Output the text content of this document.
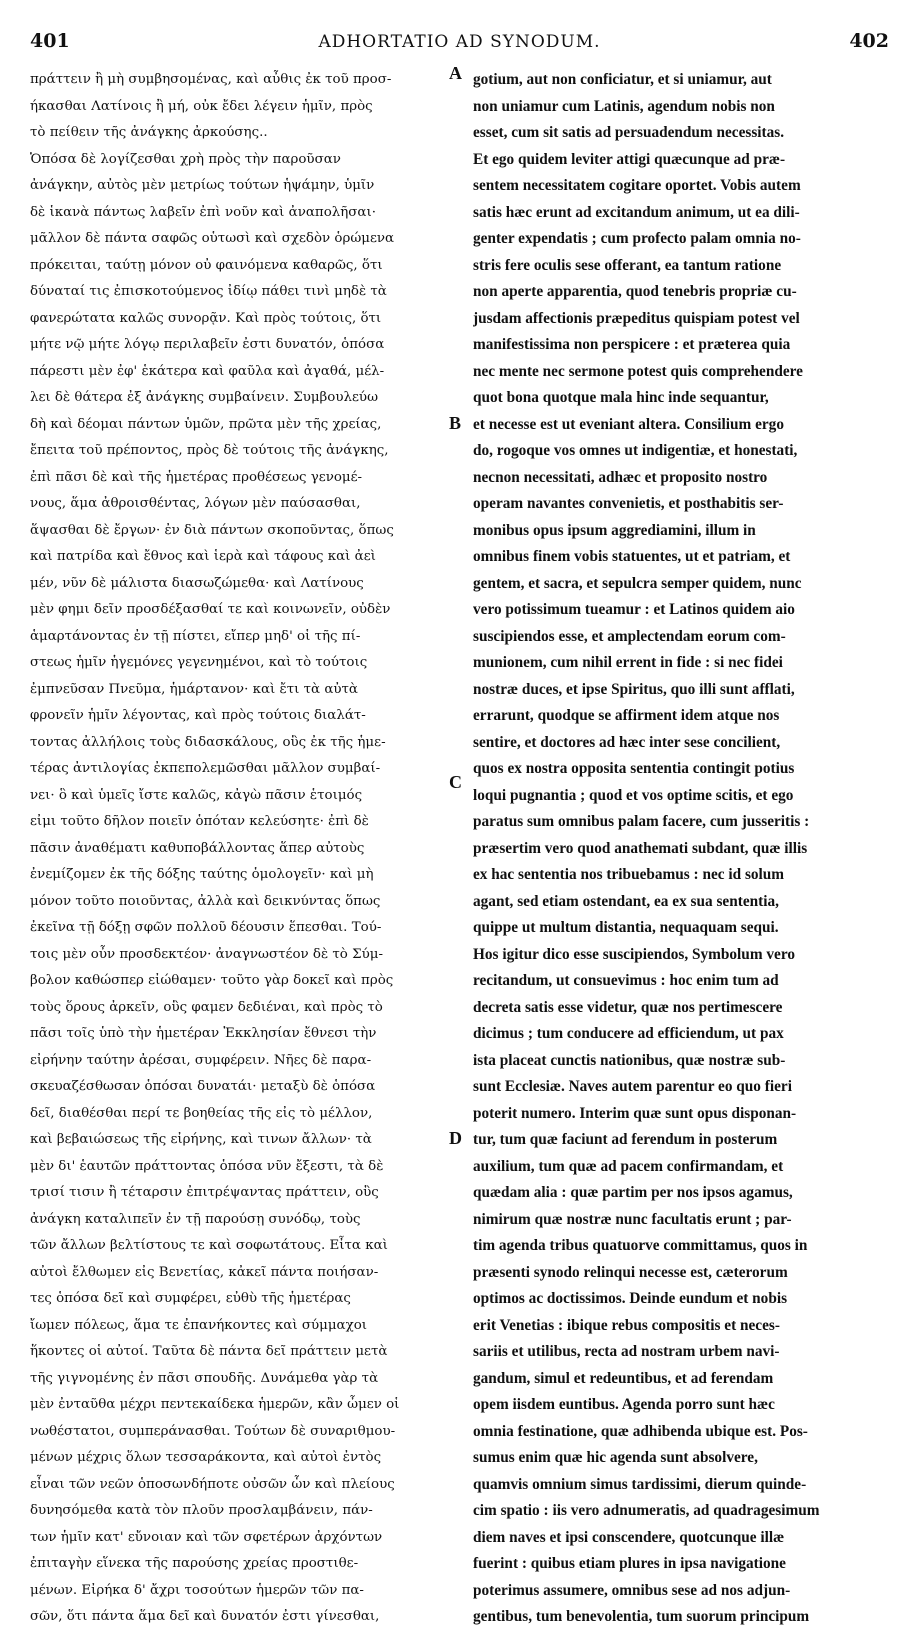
401	ADHORTATIO AD SYNODUM.	402
πράττειν ἢ μὴ συμβησομένας, καὶ αὖθις ἐκ τοῦ προσ-
ήκασθαι Λατίνοις ἢ μή, οὐκ ἔδει λέγειν ἡμῖν, πρὸς
τὸ πείθειν τῆς ἀνάγκης ἀρκούσης..
Ὁπόσα δὲ λογίζεσθαι χρὴ πρὸς τὴν παροῦσαν
ἀνάγκην, αὐτὸς μὲν μετρίως τούτων ἡψάμην, ὑμῖν
δὲ ἱκανὰ πάντως λαβεῖν ἐπὶ νοῦν καὶ ἀναπολῆσαι·
μᾶλλον δὲ πάντα σαφῶς οὑτωσὶ καὶ σχεδὸν ὁρώμενα
πρόκειται, ταύτῃ μόνον οὐ φαινόμενα καθαρῶς, ὅτι
δύναταί τις ἐπισκοτούμενος ἰδίῳ πάθει τινὶ μηδὲ τὰ
φανερώτατα καλῶς συνορᾷν. Καὶ πρὸς τούτοις, ὅτι
μήτε νῷ μήτε λόγῳ περιλαβεῖν ἐστι δυνατόν, ὁπόσα
πάρεστι μὲν ἐφ' ἑκάτερα καὶ φαῦλα καὶ ἀγαθά, μέλ-
λει δὲ θάτερα ἐξ ἀνάγκης συμβαίνειν. Συμβουλεύω
δὴ καὶ δέομαι πάντων ὑμῶν, πρῶτα μὲν τῆς χρείας,
ἔπειτα τοῦ πρέποντος, πρὸς δὲ τούτοις τῆς ἀνάγκης,
ἐπὶ πᾶσι δὲ καὶ τῆς ἡμετέρας προθέσεως γενομέ-
νους, ἅμα ἀθροισθέντας, λόγων μὲν παύσασθαι,
ἅψασθαι δὲ ἔργων· ἐν διὰ πάντων σκοποῦντας, ὅπως
καὶ πατρίδα καὶ ἔθνος καὶ ἱερὰ καὶ τάφους καὶ ἀεὶ
μέν, νῦν δὲ μάλιστα διασωζώμεθα· καὶ Λατίνους
μὲν φημι δεῖν προσδέξασθαί τε καὶ κοινωνεῖν, οὐδὲν
ἁμαρτάνοντας ἐν τῇ πίστει, εἴπερ μηδ' οἱ τῆς πί-
στεως ἡμῖν ἡγεμόνες γεγενημένοι, καὶ τὸ τούτοις
ἐμπνεῦσαν Πνεῦμα, ἡμάρτανον· καὶ ἔτι τὰ αὐτὰ
φρονεῖν ἡμῖν λέγοντας, καὶ πρὸς τούτοις διαλάτ-
τοντας ἀλλήλοις τοὺς διδασκάλους, οὓς ἐκ τῆς ἡμε-
τέρας ἀντιλογίας ἐκπεπολεμῶσθαι μᾶλλον συμβαί-
νει· ὃ καὶ ὑμεῖς ἴστε καλῶς, κἀγὼ πᾶσιν ἑτοιμός
εἰμι τοῦτο δῆλον ποιεῖν ὁπόταν κελεύσητε· ἐπὶ δὲ
πᾶσιν ἀναθέματι καθυποβάλλοντας ἅπερ αὐτοὺς
ἐνεμίζομεν ἐκ τῆς δόξης ταύτης ὁμολογεῖν· καὶ μὴ
μόνον τοῦτο ποιοῦντας, ἀλλὰ καὶ δεικνύντας ὅπως
ἐκεῖνα τῇ δόξῃ σφῶν πολλοῦ δέουσιν ἕπεσθαι. Τού-
τοις μὲν οὖν προσδεκτέον· ἀναγνωστέον δὲ τὸ Σύμ-
βολον καθώσπερ εἰώθαμεν· τοῦτο γὰρ δοκεῖ καὶ πρὸς
τοὺς ὅρους ἀρκεῖν, οὓς φαμεν δεδιέναι, καὶ πρὸς τὸ
πᾶσι τοῖς ὑπὸ τὴν ἡμετέραν Ἐκκλησίαν ἔθνεσι τὴν
εἰρήνην ταύτην ἀρέσαι, συμφέρειν. Νῆες δὲ παρα-
σκευαζέσθωσαν ὁπόσαι δυνατάι· μεταξὺ δὲ ὁπόσα
δεῖ, διαθέσθαι περί τε βοηθείας τῆς εἰς τὸ μέλλον,
καὶ βεβαιώσεως τῆς εἰρήνης, καὶ τινων ἄλλων· τὰ
μὲν δι' ἑαυτῶν πράττοντας ὁπόσα νῦν ἔξεστι, τὰ δὲ
τρισί τισιν ἢ τέταρσιν ἐπιτρέψαντας πράττειν, οὓς
ἀνάγκη καταλιπεῖν ἐν τῇ παρούσῃ συνόδῳ, τοὺς
τῶν ἄλλων βελτίστους τε καὶ σοφωτάτους. Εἶτα καὶ
αὐτοὶ ἔλθωμεν εἰς Βενετίας, κἀκεῖ πάντα ποιήσαν-
τες ὁπόσα δεῖ καὶ συμφέρει, εὐθὺ τῆς ἡμετέρας
ἴωμεν πόλεως, ἅμα τε ἐπανήκοντες καὶ σύμμαχοι
ἥκοντες οἱ αὐτοί. Ταῦτα δὲ πάντα δεῖ πράττειν μετὰ
τῆς γιγνομένης ἐν πᾶσι σπουδῆς. Δυνάμεθα γὰρ τὰ
μὲν ἐνταῦθα μέχρι πεντεκαίδεκα ἡμερῶν, κἂν ὦμεν οἱ
νωθέστατοι, συμπεράνασθαι. Τούτων δὲ συναριθμου-
μένων μέχρις ὅλων τεσσαράκοντα, καὶ αὐτοὶ ἐντὸς
εἶναι τῶν νεῶν ὁποσωνδήποτε οὐσῶν ὧν καὶ πλείους
δυνησόμεθα κατὰ τὸν πλοῦν προσλαμβάνειν, πάν-
των ἡμῖν κατ' εὔνοιαν καὶ τῶν σφετέρων ἀρχόντων
ἐπιταγὴν εἵνεκα τῆς παρούσης χρείας προστιθε-
μένων. Εἰρήκα δ' ἄχρι τοσούτων ἡμερῶν τῶν πα-
σῶν, ὅτι πάντα ἅμα δεῖ καὶ δυνατόν ἐστι γίνεσθαι,
A
B
C
D
gotium, aut non conficiatur, et si uniamur, aut
non uniamur cum Latinis, agendum nobis non
esset, cum sit satis ad persuadendum necessitas.
Et ego quidem leviter attigi quæcunque ad præ-
sentem necessitatem cogitare oportet. Vobis autem
satis hæc erunt ad excitandum animum, ut ea dili-
genter expendatis ; cum profecto palam omnia no-
stris fere oculis sese offerant, ea tantum ratione
non aperte apparentia, quod tenebris propriæ cu-
jusdam affectionis præpeditus quispiam potest vel
manifestissima non perspicere : et præterea quia
nec mente nec sermone potest quis comprehendere
quot bona quotque mala hinc inde sequantur,
et necesse est ut eveniant altera. Consilium ergo
do, rogoque vos omnes ut indigentiæ, et honestati,
necnon necessitati, adhæc et proposito nostro
operam navantes convenietis, et posthabitis ser-
monibus opus ipsum aggrediamini, illum in
omnibus finem vobis statuentes, ut et patriam, et
gentem, et sacra, et sepulcra semper quidem, nunc
vero potissimum tueamur : et Latinos quidem aio
suscipiendos esse, et amplectendam eorum com-
munionem, cum nihil errent in fide : si nec fidei
nostræ duces, et ipse Spiritus, quo illi sunt afflati,
errarunt, quodque se affirment idem atque nos
sentire, et doctores ad hæc inter sese concilient,
quos ex nostra opposita sententia contingit potius
loqui pugnantia ; quod et vos optime scitis, et ego
paratus sum omnibus palam facere, cum jusseritis :
præsertim vero quod anathemati subdant, quæ illis
ex hac sententia nos tribuebamus : nec id solum
agant, sed etiam ostendant, ea ex sua sententia,
quippe ut multum distantia, nequaquam sequi.
Hos igitur dico esse suscipiendos, Symbolum vero
recitandum, ut consuevimus : hoc enim tum ad
decreta satis esse videtur, quæ nos pertimescere
dicimus ; tum conducere ad efficiendum, ut pax
ista placeat cunctis nationibus, quæ nostræ sub-
sunt Ecclesiæ. Naves autem parentur eo quo fieri
poterit numero. Interim quæ sunt opus disponan-
tur, tum quæ faciunt ad ferendum in posterum
auxilium, tum quæ ad pacem confirmandam, et
quædam alia : quæ partim per nos ipsos agamus,
nimirum quæ nostræ nunc facultatis erunt ; par-
tim agenda tribus quatuorve committamus, quos in
præsenti synodo relinqui necesse est, cæterorum
optimos ac doctissimos. Deinde eundum et nobis
erit Venetias : ibique rebus compositis et neces-
sariis et utilibus, recta ad nostram urbem navi-
gandum, simul et redeuntibus, et ad ferendam
opem iisdem euntibus. Agenda porro sunt hæc
omnia festinatione, quæ adhibenda ubique est. Pos-
sumus enim quæ hic agenda sunt absolvere,
quamvis omnium simus tardissimi, dierum quinde-
cim spatio : iis vero adnumeratis, ad quadragesimum
diem naves et ipsi conscendere, quotcunque illæ
fuerint : quibus etiam plures in ipsa navigatione
poterimus assumere, omnibus sese ad nos adjun-
gentibus, tum benevolentia, tum suorum principum
